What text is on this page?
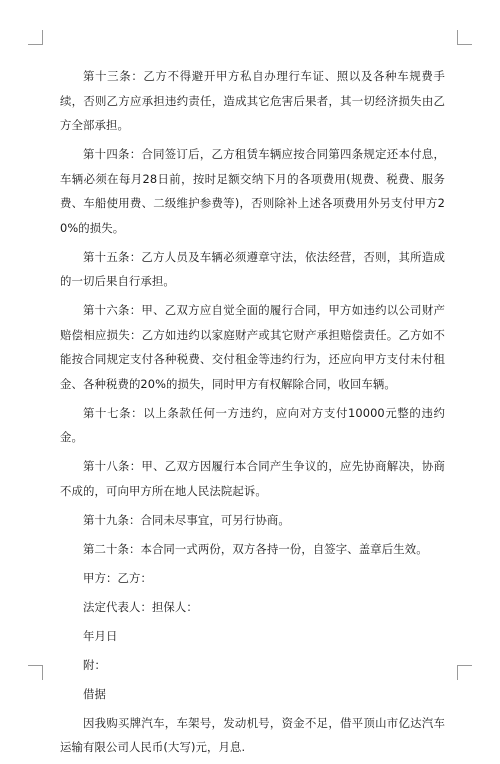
第十三条：乙方不得避开甲方私自办理行车证、照以及各种车规费手续，否则乙方应承担违约责任，造成其它危害后果者，其一切经济损失由乙方全部承担。

第十四条：合同签订后，乙方租赁车辆应按合同第四条规定还本付息，车辆必须在每月28日前，按时足额交纳下月的各项费用(规费、税费、服务费、车船使用费、二级维护参费等)，否则除补上述各项费用外另支付甲方20%的损失。

第十五条：乙方人员及车辆必须遵章守法，依法经营，否则，其所造成的一切后果自行承担。

第十六条：甲、乙双方应自觉全面的履行合同，甲方如违约以公司财产赔偿相应损失：乙方如违约以家庭财产或其它财产承担赔偿责任。乙方如不能按合同规定支付各种税费、交付租金等违约行为，还应向甲方支付未付租金、各种税费的20%的损失，同时甲方有权解除合同，收回车辆。

第十七条：以上条款任何一方违约，应向对方支付10000元整的违约金。

第十八条：甲、乙双方因履行本合同产生争议的，应先协商解决，协商不成的，可向甲方所在地人民法院起诉。

第十九条：合同未尽事宜，可另行协商。

第二十条：本合同一式两份，双方各持一份，自签字、盖章后生效。

甲方：乙方：

法定代表人：担保人：

年月日

附：

借据

因我购买牌汽车，车架号，发动机号，资金不足，借平顶山市亿达汽车运输有限公司人民币(大写)元，月息.
